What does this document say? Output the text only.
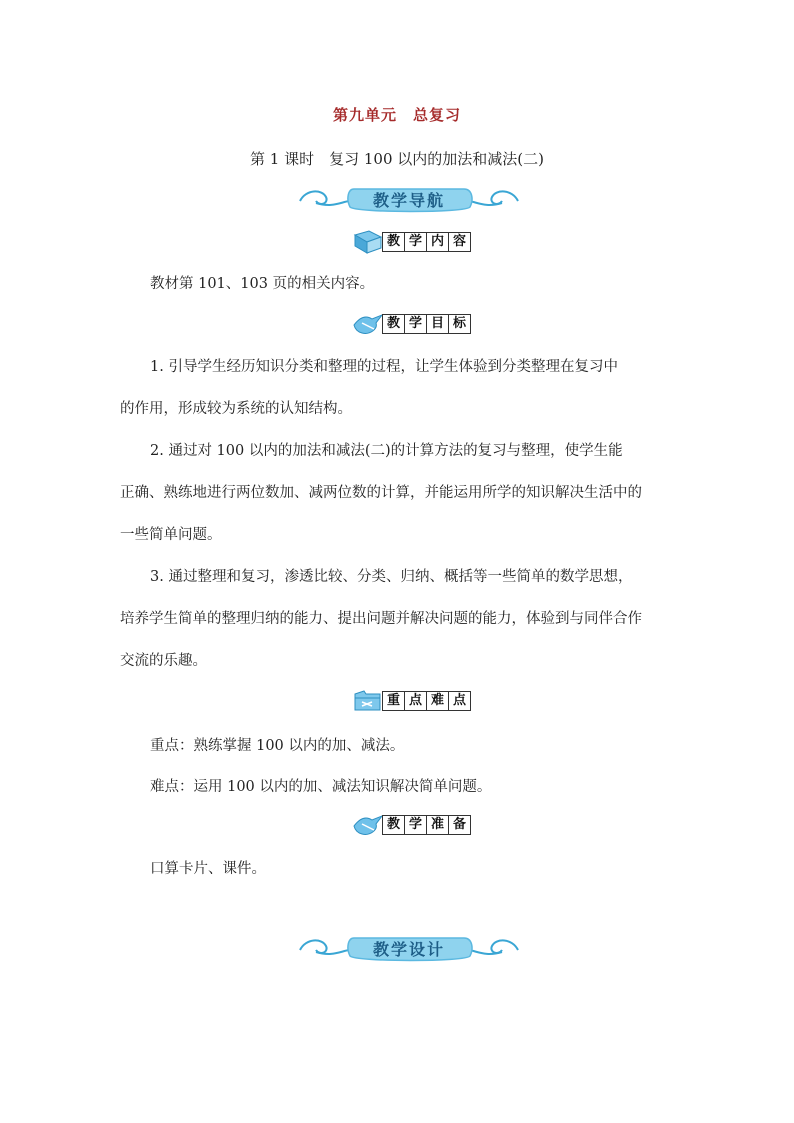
第九单元　总复习
第 1 课时　复习 100 以内的加法和减法(二)
教学导航
教 学 内 容
教材第 101、103 页的相关内容。
教 学 目 标
1. 引导学生经历知识分类和整理的过程，让学生体验到分类整理在复习中
的作用，形成较为系统的认知结构。
2. 通过对 100 以内的加法和减法(二)的计算方法的复习与整理，使学生能
正确、熟练地进行两位数加、减两位数的计算，并能运用所学的知识解决生活中的
一些简单问题。
3. 通过整理和复习，渗透比较、分类、归纳、概括等一些简单的数学思想，
培养学生简单的整理归纳的能力、提出问题并解决问题的能力，体验到与同伴合作
交流的乐趣。
重 点 难 点
重点：熟练掌握 100 以内的加、减法。
难点：运用 100 以内的加、减法知识解决简单问题。
教 学 准 备
口算卡片、课件。
教学设计
